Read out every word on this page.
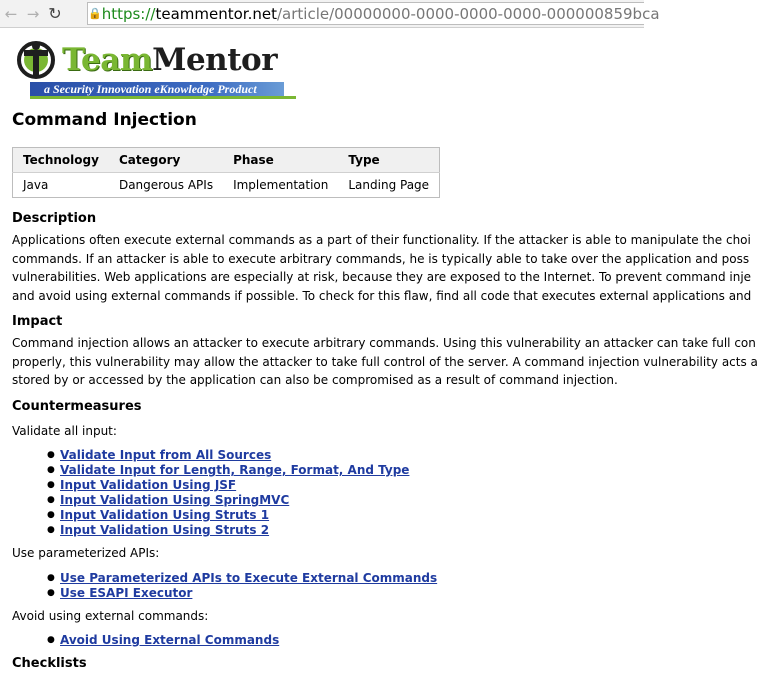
← → ↻	🔒 https:// teammentor.net /article/00000000-0000-0000-0000-000000859bca
TeamMentor
a Security Innovation eKnowledge Product
Command Injection
Technology	Category	Phase	Type
Java	Dangerous APIs	Implementation	Landing Page
Description

Applications often execute external commands as a part of their functionality. If the attacker is able to manipulate the choi

commands. If an attacker is able to execute arbitrary commands, he is typically able to take over the application and poss

vulnerabilities. Web applications are especially at risk, because they are exposed to the Internet. To prevent command inje

and avoid using external commands if possible. To check for this flaw, find all code that executes external applications and

Impact

Command injection allows an attacker to execute arbitrary commands. Using this vulnerability an attacker can take full con

properly, this vulnerability may allow the attacker to take full control of the server. A command injection vulnerability acts a

stored by or accessed by the application can also be compromised as a result of command injection.

Countermeasures

Validate all input:

● Validate Input from All Sources
● Validate Input for Length, Range, Format, And Type
● Input Validation Using JSF
● Input Validation Using SpringMVC
● Input Validation Using Struts 1
● Input Validation Using Struts 2

Use parameterized APIs:

● Use Parameterized APIs to Execute External Commands
● Use ESAPI Executor

Avoid using external commands:

● Avoid Using External Commands
Checklists
